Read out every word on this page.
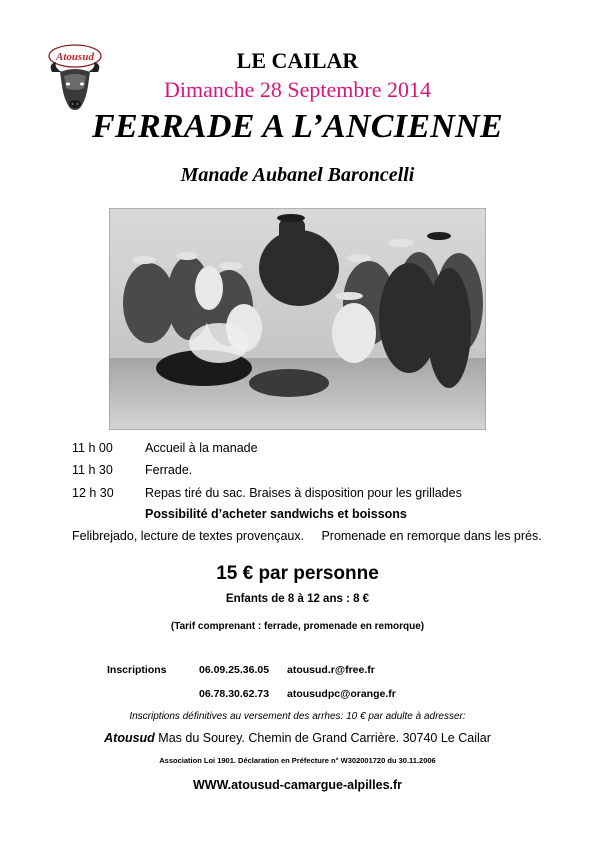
Atousud	LE CAILAR
Dimanche 28 Septembre 2014
FERRADE A L’ANCIENNE
Manade Aubanel Baroncelli
11 h 00	Accueil à la manade
11 h 30	Ferrade.
12 h 30	Repas tiré du sac. Braises à disposition pour les grillades
Possibilité d’acheter sandwichs et boissons
Felibrejado, lecture de textes provençaux.     Promenade en remorque dans les prés.
15 € par personne
Enfants de 8 à 12 ans : 8 €
(Tarif comprenant : ferrade, promenade en remorque)
Inscriptions	06.09.25.36.05 atousud.r@free.fr
06.78.30.62.73 atousudpc@orange.fr
Inscriptions définitives au versement des arrhes: 10 € par adulte à adresser:
Atousud Mas du Sourey. Chemin de Grand Carrière. 30740 Le Cailar
Association Loi 1901. Déclaration en Préfecture n° W302001720 du 30.11.2006
WWW.atousud-camargue-alpilles.fr
